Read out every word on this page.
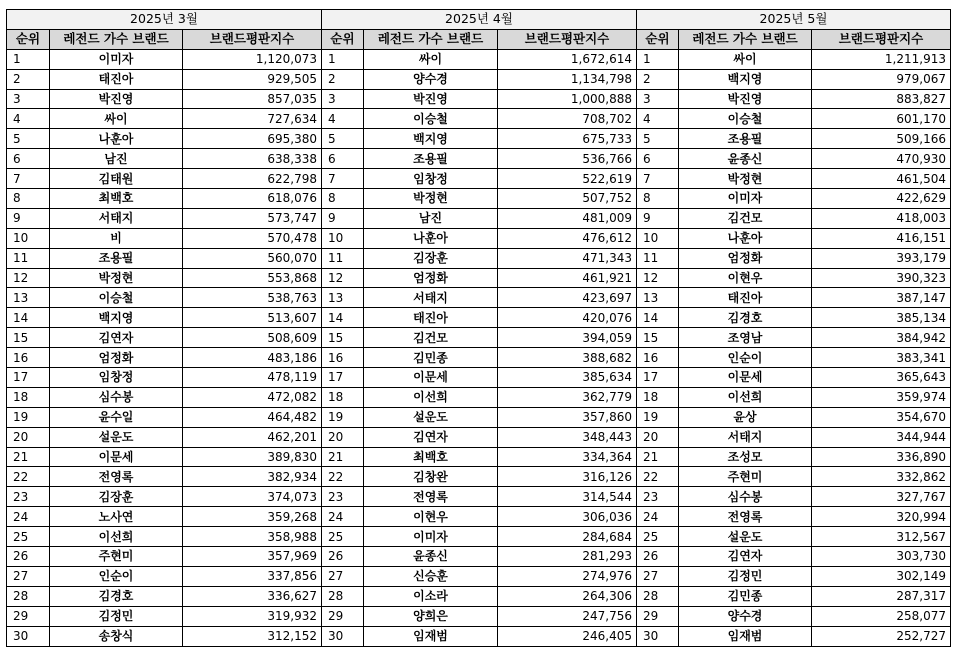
2025년 3월		
순위	레전드 가수 브랜드	브랜드평판지수
1	이미자	1,120,073
2	태진아	929,505
3	박진영	857,035
4	싸이	727,634
5	나훈아	695,380
6	남진	638,338
7	김태원	622,798
8	최백호	618,076
9	서태지	573,747
10	비	570,478
11	조용필	560,070
12	박정현	553,868
13	이승철	538,763
14	백지영	513,607
15	김연자	508,609
16	엄정화	483,186
17	임창정	478,119
18	심수봉	472,082
19	윤수일	464,482
20	설운도	462,201
21	이문세	389,830
22	전영록	382,934
23	김장훈	374,073
24	노사연	359,268
25	이선희	358,988
26	주현미	357,969
27	인순이	337,856
28	김경호	336,627
29	김정민	319,932
30	송창식	312,152
2025년 4월		
순위	레전드 가수 브랜드	브랜드평판지수
1	싸이	1,672,614
2	양수경	1,134,798
3	박진영	1,000,888
4	이승철	708,702
5	백지영	675,733
6	조용필	536,766
7	임창정	522,619
8	박정현	507,752
9	남진	481,009
10	나훈아	476,612
11	김장훈	471,343
12	엄정화	461,921
13	서태지	423,697
14	태진아	420,076
15	김건모	394,059
16	김민종	388,682
17	이문세	385,634
18	이선희	362,779
19	설운도	357,860
20	김연자	348,443
21	최백호	334,364
22	김창완	316,126
23	전영록	314,544
24	이현우	306,036
25	이미자	284,684
26	윤종신	281,293
27	신승훈	274,976
28	이소라	264,306
29	양희은	247,756
30	임재범	246,405
2025년 5월		
순위	레전드 가수 브랜드	브랜드평판지수
1	싸이	1,211,913
2	백지영	979,067
3	박진영	883,827
4	이승철	601,170
5	조용필	509,166
6	윤종신	470,930
7	박정현	461,504
8	이미자	422,629
9	김건모	418,003
10	나훈아	416,151
11	엄정화	393,179
12	이현우	390,323
13	태진아	387,147
14	김경호	385,134
15	조영남	384,942
16	인순이	383,341
17	이문세	365,643
18	이선희	359,974
19	윤상	354,670
20	서태지	344,944
21	조성모	336,890
22	주현미	332,862
23	심수봉	327,767
24	전영록	320,994
25	설운도	312,567
26	김연자	303,730
27	김정민	302,149
28	김민종	287,317
29	양수경	258,077
30	임재범	252,727
